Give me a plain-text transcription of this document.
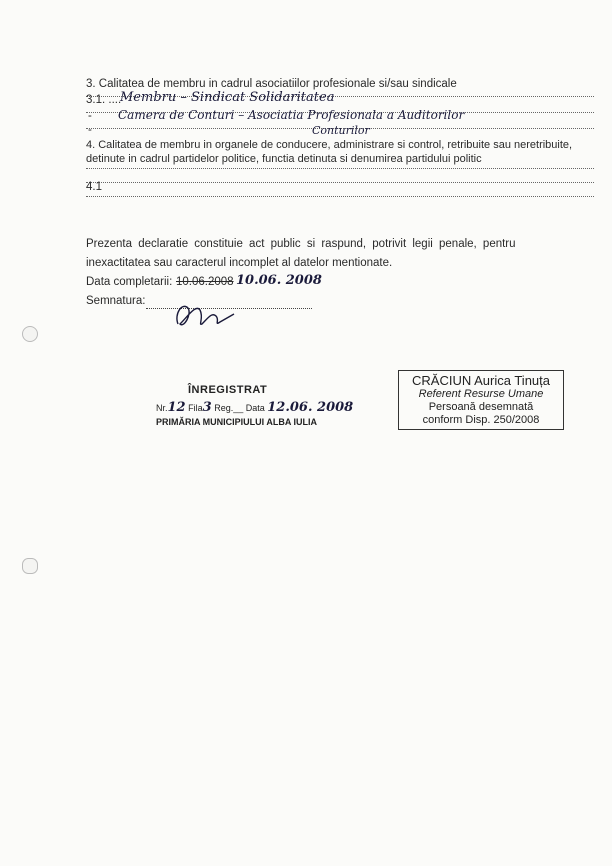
3. Calitatea de membru in cadrul asociatiilor profesionale si/sau sindicale
3.1. ....
Membru – Sindicat Solidaritatea
- Camera de Conturi – Asociatia Profesionala a Auditorilor
-	Conturilor
4. Calitatea de membru in organele de conducere, administrare si control, retribuite sau neretribuite,
detinute in cadrul partidelor politice, functia detinuta si denumirea partidului politic
4.1
Prezenta declaratie constituie act public si raspund, potrivit legii penale, pentru
inexactitatea sau caracterul incomplet al datelor mentionate.
Data completarii: 10.06.2008 10.06. 2008
Semnatura:
ÎNREGISTRAT
Nr.12 Fila3 Reg.__ Data 12.06. 2008
PRIMĂRIA MUNICIPIULUI ALBA IULIA
CRĂCIUN Aurica Tinuța
Referent Resurse Umane
Persoană desemnată
conform Disp. 250/2008
